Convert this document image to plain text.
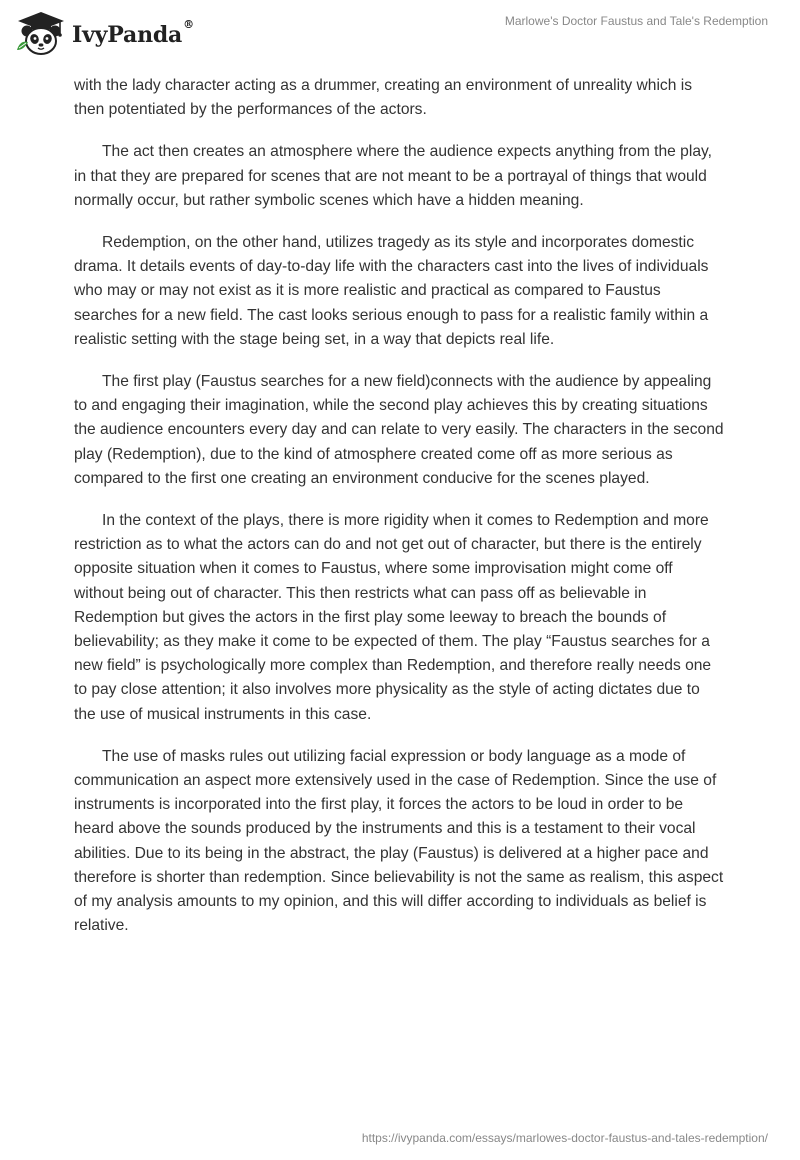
IvyPanda®	Marlowe's Doctor Faustus and Tale's Redemption

with the lady character acting as a drummer, creating an environment of unreality which is then potentiated by the performances of the actors.

The act then creates an atmosphere where the audience expects anything from the play, in that they are prepared for scenes that are not meant to be a portrayal of things that would normally occur, but rather symbolic scenes which have a hidden meaning.

Redemption, on the other hand, utilizes tragedy as its style and incorporates domestic drama. It details events of day-to-day life with the characters cast into the lives of individuals who may or may not exist as it is more realistic and practical as compared to Faustus searches for a new field. The cast looks serious enough to pass for a realistic family within a realistic setting with the stage being set, in a way that depicts real life.

The first play (Faustus searches for a new field)connects with the audience by appealing to and engaging their imagination, while the second play achieves this by creating situations the audience encounters every day and can relate to very easily. The characters in the second play (Redemption), due to the kind of atmosphere created come off as more serious as compared to the first one creating an environment conducive for the scenes played.

In the context of the plays, there is more rigidity when it comes to Redemption and more restriction as to what the actors can do and not get out of character, but there is the entirely opposite situation when it comes to Faustus, where some improvisation might come off without being out of character. This then restricts what can pass off as believable in Redemption but gives the actors in the first play some leeway to breach the bounds of believability; as they make it come to be expected of them. The play “Faustus searches for a new field” is psychologically more complex than Redemption, and therefore really needs one to pay close attention; it also involves more physicality as the style of acting dictates due to the use of musical instruments in this case.

The use of masks rules out utilizing facial expression or body language as a mode of communication an aspect more extensively used in the case of Redemption. Since the use of instruments is incorporated into the first play, it forces the actors to be loud in order to be heard above the sounds produced by the instruments and this is a testament to their vocal abilities. Due to its being in the abstract, the play (Faustus) is delivered at a higher pace and therefore is shorter than redemption. Since believability is not the same as realism, this aspect of my analysis amounts to my opinion, and this will differ according to individuals as belief is relative.

https://ivypanda.com/essays/marlowes-doctor-faustus-and-tales-redemption/
